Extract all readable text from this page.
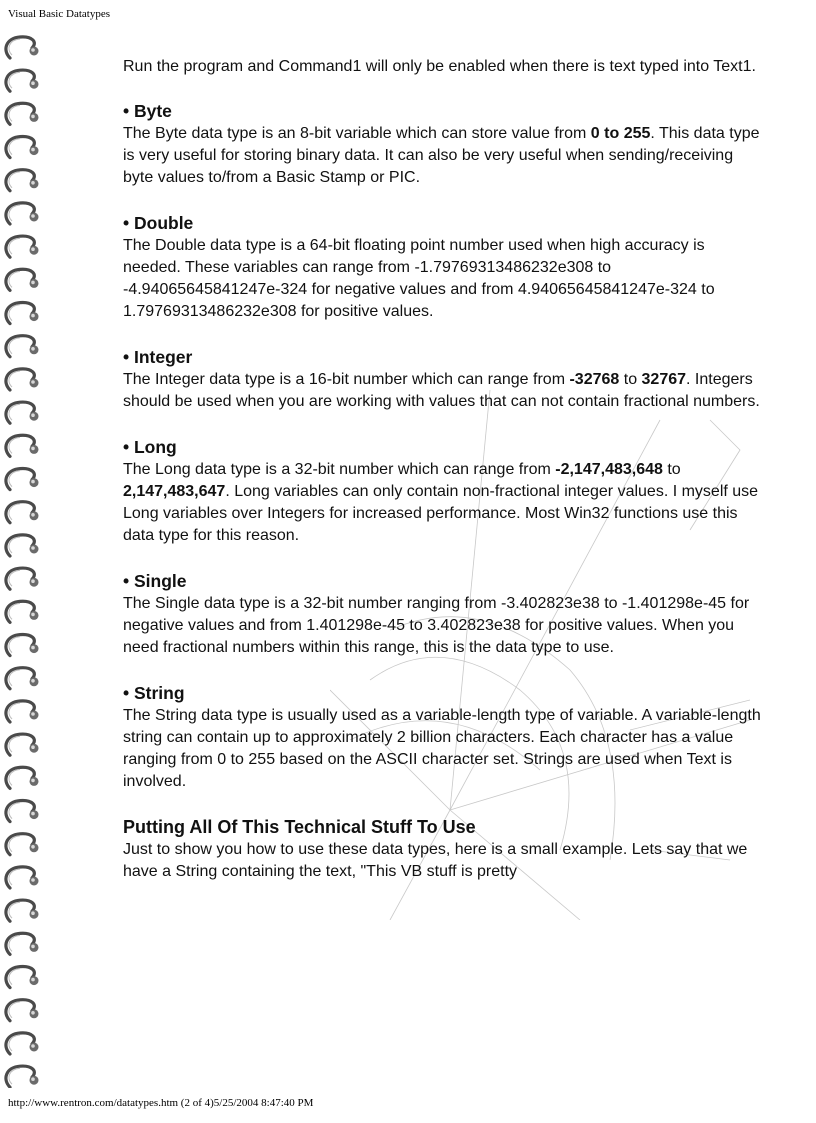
Visual Basic Datatypes

Run the program and Command1 will only be enabled when there is text typed into Text1.

• Byte

The Byte data type is an 8-bit variable which can store value from 0 to 255. This data type is very useful for storing binary data. It can also be very useful when sending/receiving byte values to/from a Basic Stamp or PIC.

• Double

The Double data type is a 64-bit floating point number used when high accuracy is needed. These variables can range from -1.79769313486232e308 to -4.94065645841247e-324 for negative values and from 4.94065645841247e-324 to 1.79769313486232e308 for positive values.

• Integer

The Integer data type is a 16-bit number which can range from -32768 to 32767. Integers should be used when you are working with values that can not contain fractional numbers.

• Long

The Long data type is a 32-bit number which can range from -2,147,483,648 to 2,147,483,647. Long variables can only contain non-fractional integer values. I myself use Long variables over Integers for increased performance. Most Win32 functions use this data type for this reason.

• Single

The Single data type is a 32-bit number ranging from -3.402823e38 to -1.401298e-45 for negative values and from 1.401298e-45 to 3.402823e38 for positive values. When you need fractional numbers within this range, this is the data type to use.

• String

The String data type is usually used as a variable-length type of variable. A variable-length string can contain up to approximately 2 billion characters. Each character has a value ranging from 0 to 255 based on the ASCII character set. Strings are used when Text is involved.

Putting All Of This Technical Stuff To Use

Just to show you how to use these data types, here is a small example. Lets say that we have a String containing the text, "This VB stuff is pretty

http://www.rentron.com/datatypes.htm (2 of 4)5/25/2004 8:47:40 PM
